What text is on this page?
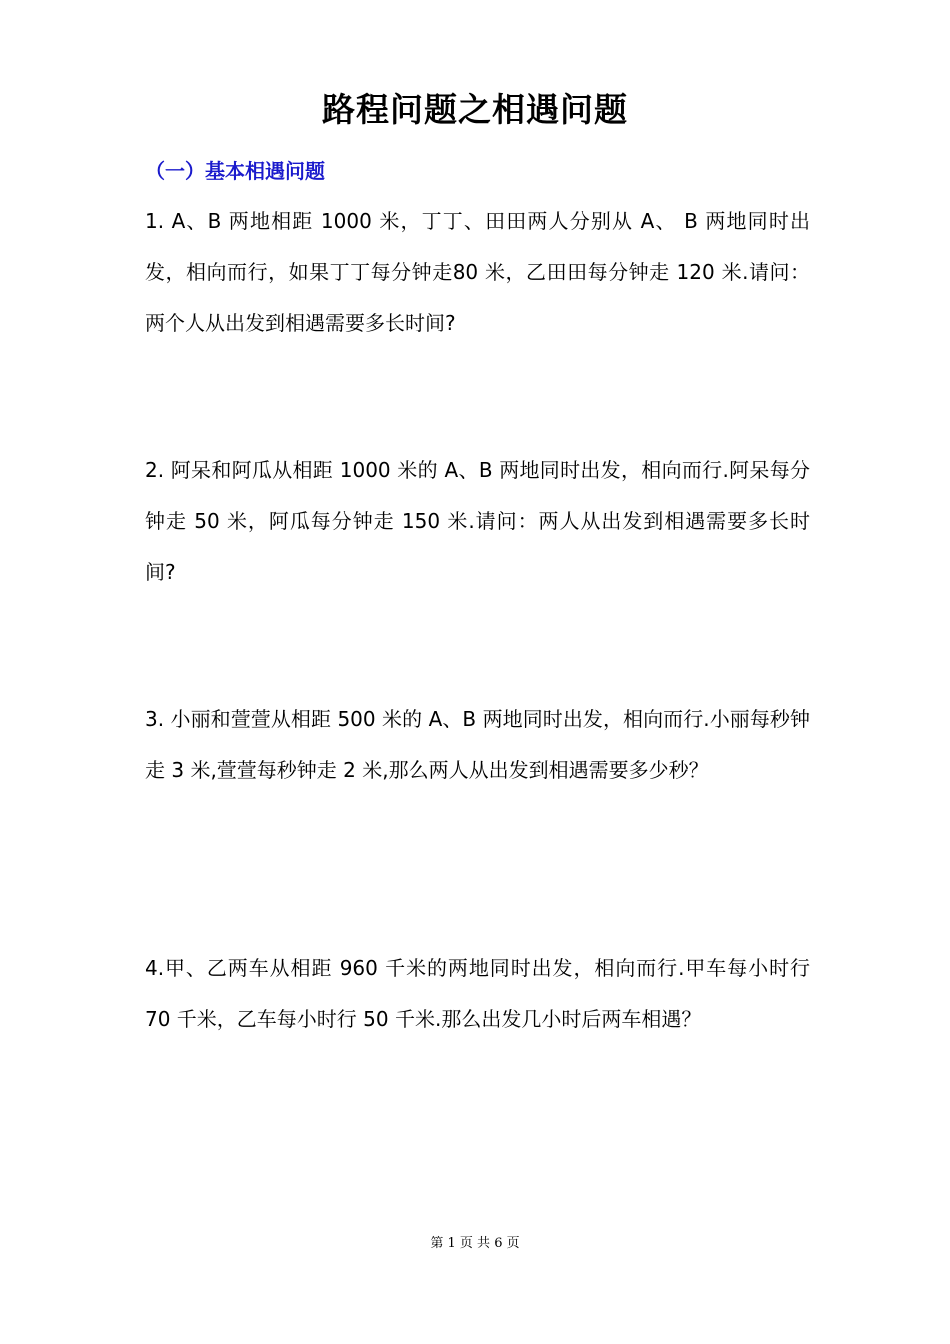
路程问题之相遇问题
（一）基本相遇问题
1. A、B 两地相距 1000 米，丁丁、田田两人分别从 A、 B 两地同时出发，相向而行，如果丁丁每分钟走80 米，乙田田每分钟走 120 米.请问：两个人从出发到相遇需要多长时间?
2. 阿呆和阿瓜从相距 1000 米的 A、B 两地同时出发，相向而行.阿呆每分钟走 50 米，阿瓜每分钟走 150 米.请问：两人从出发到相遇需要多长时间?
3. 小丽和萱萱从相距 500 米的 A、B 两地同时出发，相向而行.小丽每秒钟走 3 米,萱萱每秒钟走 2 米,那么两人从出发到相遇需要多少秒？
4.甲、乙两车从相距 960 千米的两地同时出发，相向而行.甲车每小时行 70 千米，乙车每小时行 50 千米.那么出发几小时后两车相遇？
第 1 页 共 6 页
